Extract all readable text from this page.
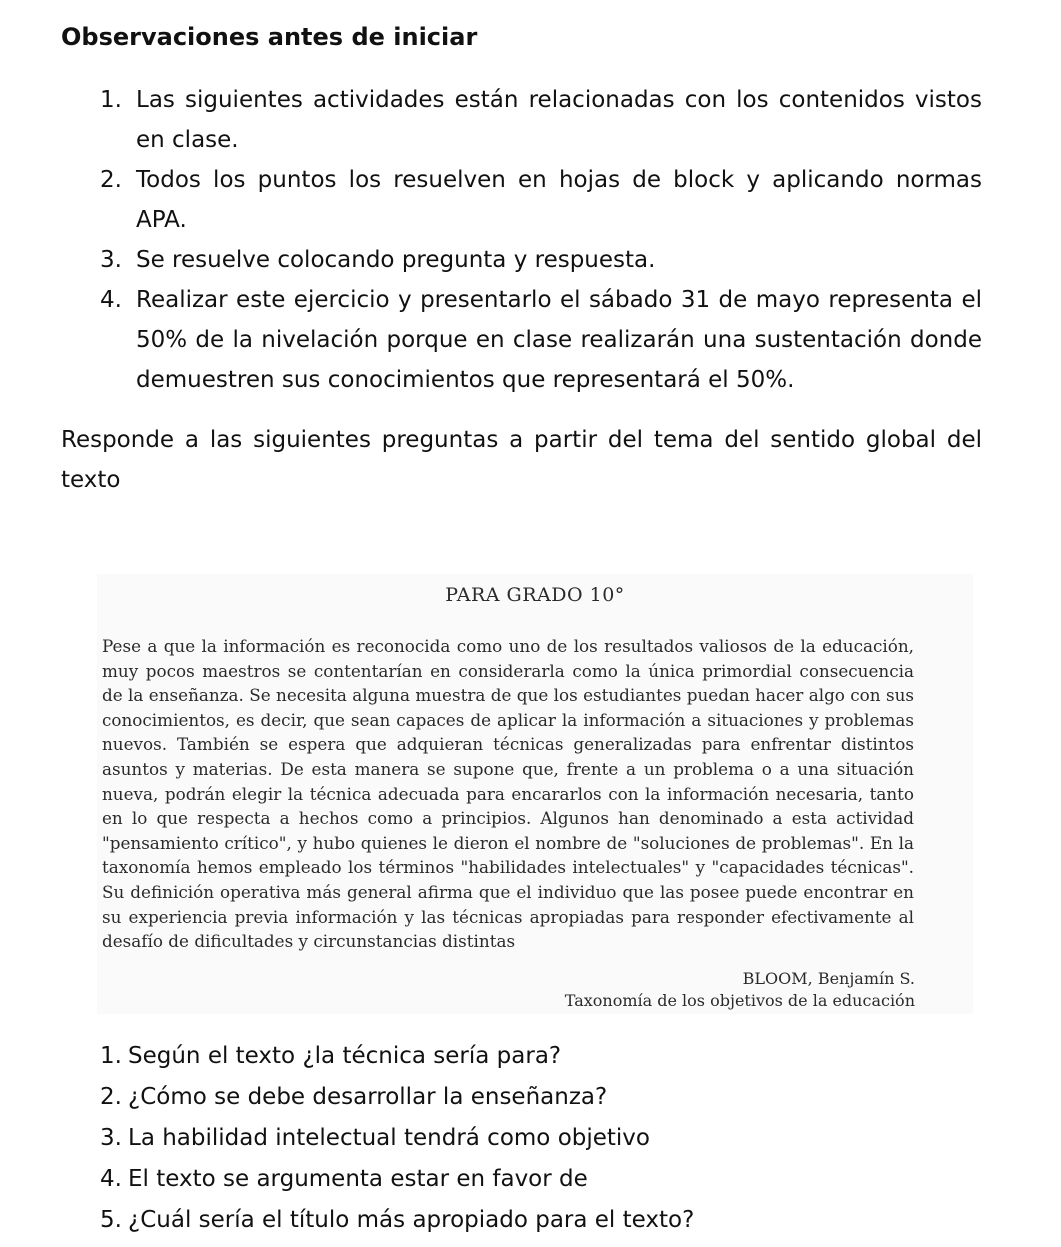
Observaciones antes de iniciar
1. Las siguientes actividades están relacionadas con los contenidos vistos en clase.
2. Todos los puntos los resuelven en hojas de block y aplicando normas APA.
3. Se resuelve colocando pregunta y respuesta.
4. Realizar este ejercicio y presentarlo el sábado 31 de mayo representa el 50% de la nivelación porque en clase realizarán una sustentación donde demuestren sus conocimientos que representará el 50%.

Responde a las siguientes preguntas a partir del tema del sentido global del texto

PARA GRADO 10°

Pese a que la información es reconocida como uno de los resultados valiosos de la educación, muy pocos maestros se contentarían en considerarla como la única primordial consecuencia de la enseñanza. Se necesita alguna muestra de que los estudiantes puedan hacer algo con sus conocimientos, es decir, que sean capaces de aplicar la información a situaciones y problemas nuevos. También se espera que adquieran técnicas generalizadas para enfrentar distintos asuntos y materias. De esta manera se supone que, frente a un problema o a una situación nueva, podrán elegir la técnica adecuada para encararlos con la información necesaria, tanto en lo que respecta a hechos como a principios. Algunos han denominado a esta actividad "pensamiento crítico", y hubo quienes le dieron el nombre de "soluciones de problemas". En la taxonomía hemos empleado los términos "habilidades intelectuales" y "capacidades técnicas". Su definición operativa más general afirma que el individuo que las posee puede encontrar en su experiencia previa información y las técnicas apropiadas para responder efectivamente al desafío de dificultades y circunstancias distintas

BLOOM, Benjamín S.
Taxonomía de los objetivos de la educación
1. Según el texto ¿la técnica sería para?
2. ¿Cómo se debe desarrollar la enseñanza?
3. La habilidad intelectual tendrá como objetivo
4. El texto se argumenta estar en favor de
5. ¿Cuál sería el título más apropiado para el texto?
